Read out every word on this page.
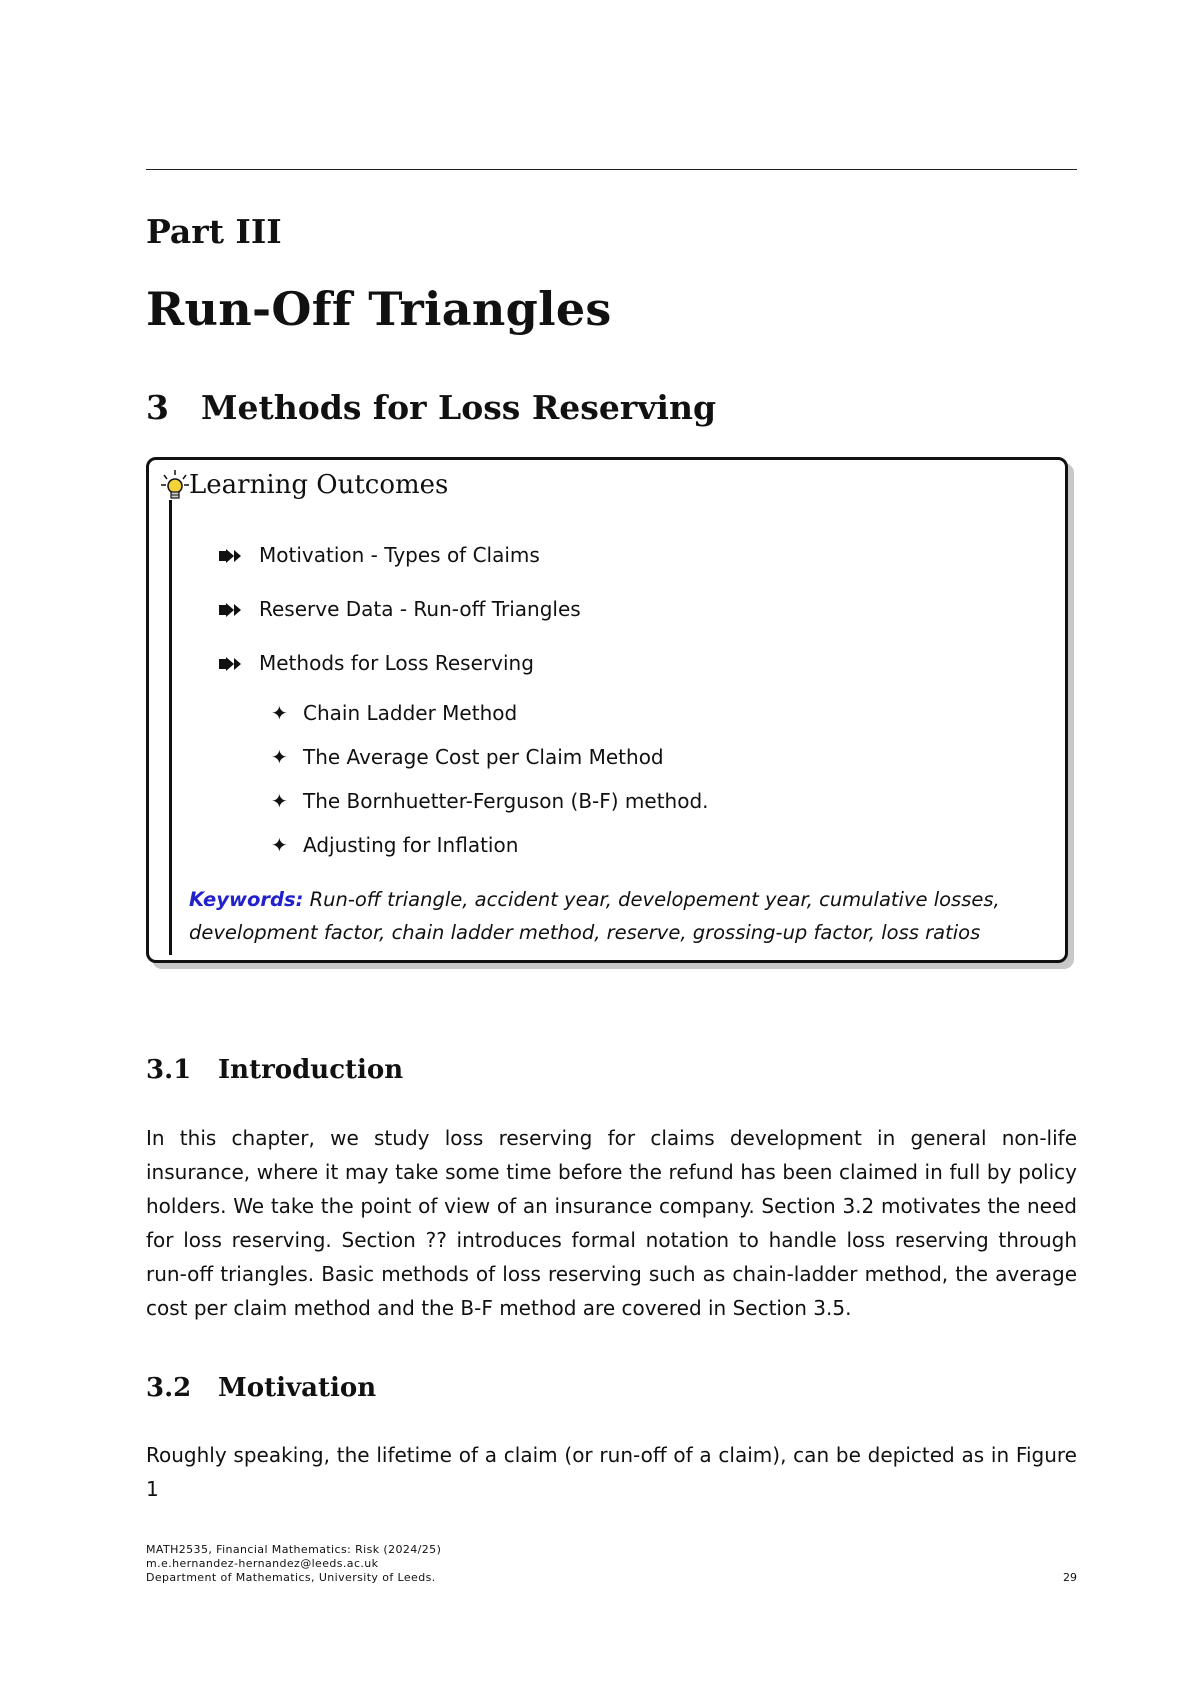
Part III
Run-Off Triangles
3 Methods for Loss Reserving
Learning Outcomes
Motivation - Types of Claims
Reserve Data - Run-off Triangles
Methods for Loss Reserving
✦ Chain Ladder Method
✦ The Average Cost per Claim Method
✦ The Bornhuetter-Ferguson (B-F) method.
✦ Adjusting for Inflation
Keywords: Run-off triangle, accident year, developement year, cumulative losses, development factor, chain ladder method, reserve, grossing-up factor, loss ratios
3.1 Introduction
In this chapter, we study loss reserving for claims development in general non-life insurance, where it may take some time before the refund has been claimed in full by policy holders. We take the point of view of an insurance company. Section 3.2 motivates the need for loss reserving. Section ?? introduces formal notation to handle loss reserving through run-off triangles. Basic methods of loss reserving such as chain-ladder method, the average cost per claim method and the B-F method are covered in Section 3.5.
3.2 Motivation
Roughly speaking, the lifetime of a claim (or run-off of a claim), can be depicted as in Figure 1
MATH2535, Financial Mathematics: Risk (2024/25)
m.e.hernandez-hernandez@leeds.ac.uk
Department of Mathematics, University of Leeds.	29
